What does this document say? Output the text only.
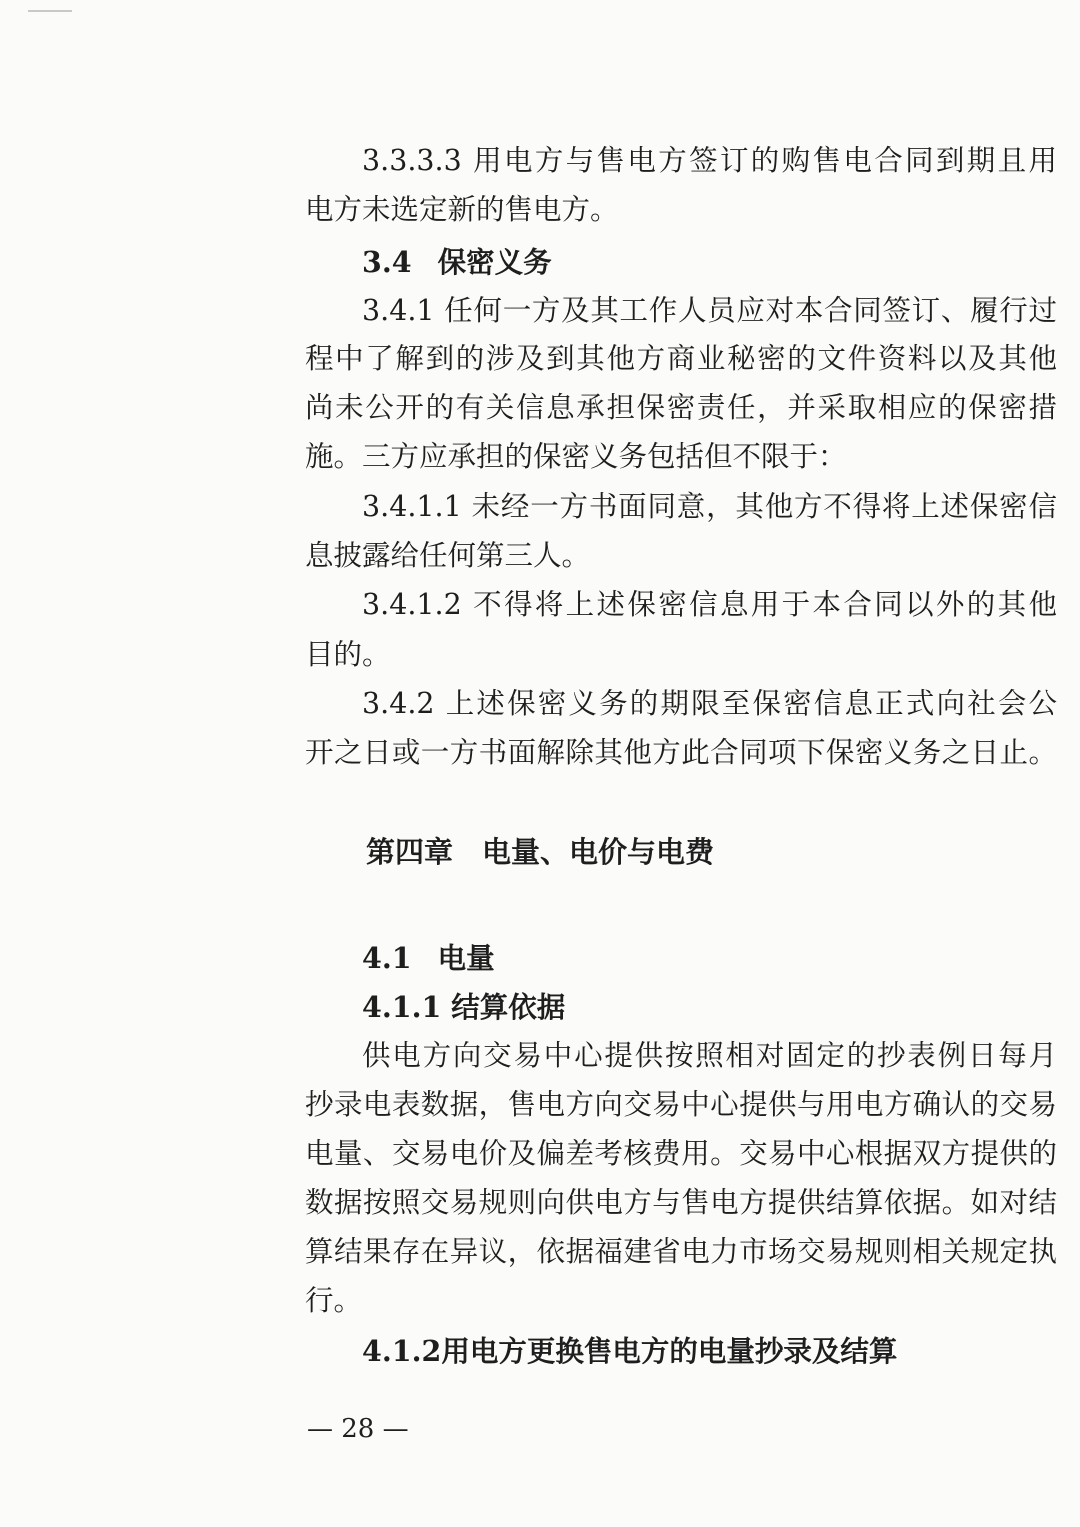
3.3.3.3 用电方与售电方签订的购售电合同到期且用
电方未选定新的售电方。
3.4 保密义务
3.4.1 任何一方及其工作人员应对本合同签订、履行过
程中了解到的涉及到其他方商业秘密的文件资料以及其他
尚未公开的有关信息承担保密责任，并采取相应的保密措
施。三方应承担的保密义务包括但不限于：
3.4.1.1 未经一方书面同意，其他方不得将上述保密信
息披露给任何第三人。
3.4.1.2 不得将上述保密信息用于本合同以外的其他
目的。
3.4.2 上述保密义务的期限至保密信息正式向社会公
开之日或一方书面解除其他方此合同项下保密义务之日止。
第四章　电量、电价与电费
4.1 电量
4.1.1 结算依据
供电方向交易中心提供按照相对固定的抄表例日每月
抄录电表数据，售电方向交易中心提供与用电方确认的交易
电量、交易电价及偏差考核费用。交易中心根据双方提供的
数据按照交易规则向供电方与售电方提供结算依据。如对结
算结果存在异议，依据福建省电力市场交易规则相关规定执
行。
4.1.2用电方更换售电方的电量抄录及结算
— 28 —
